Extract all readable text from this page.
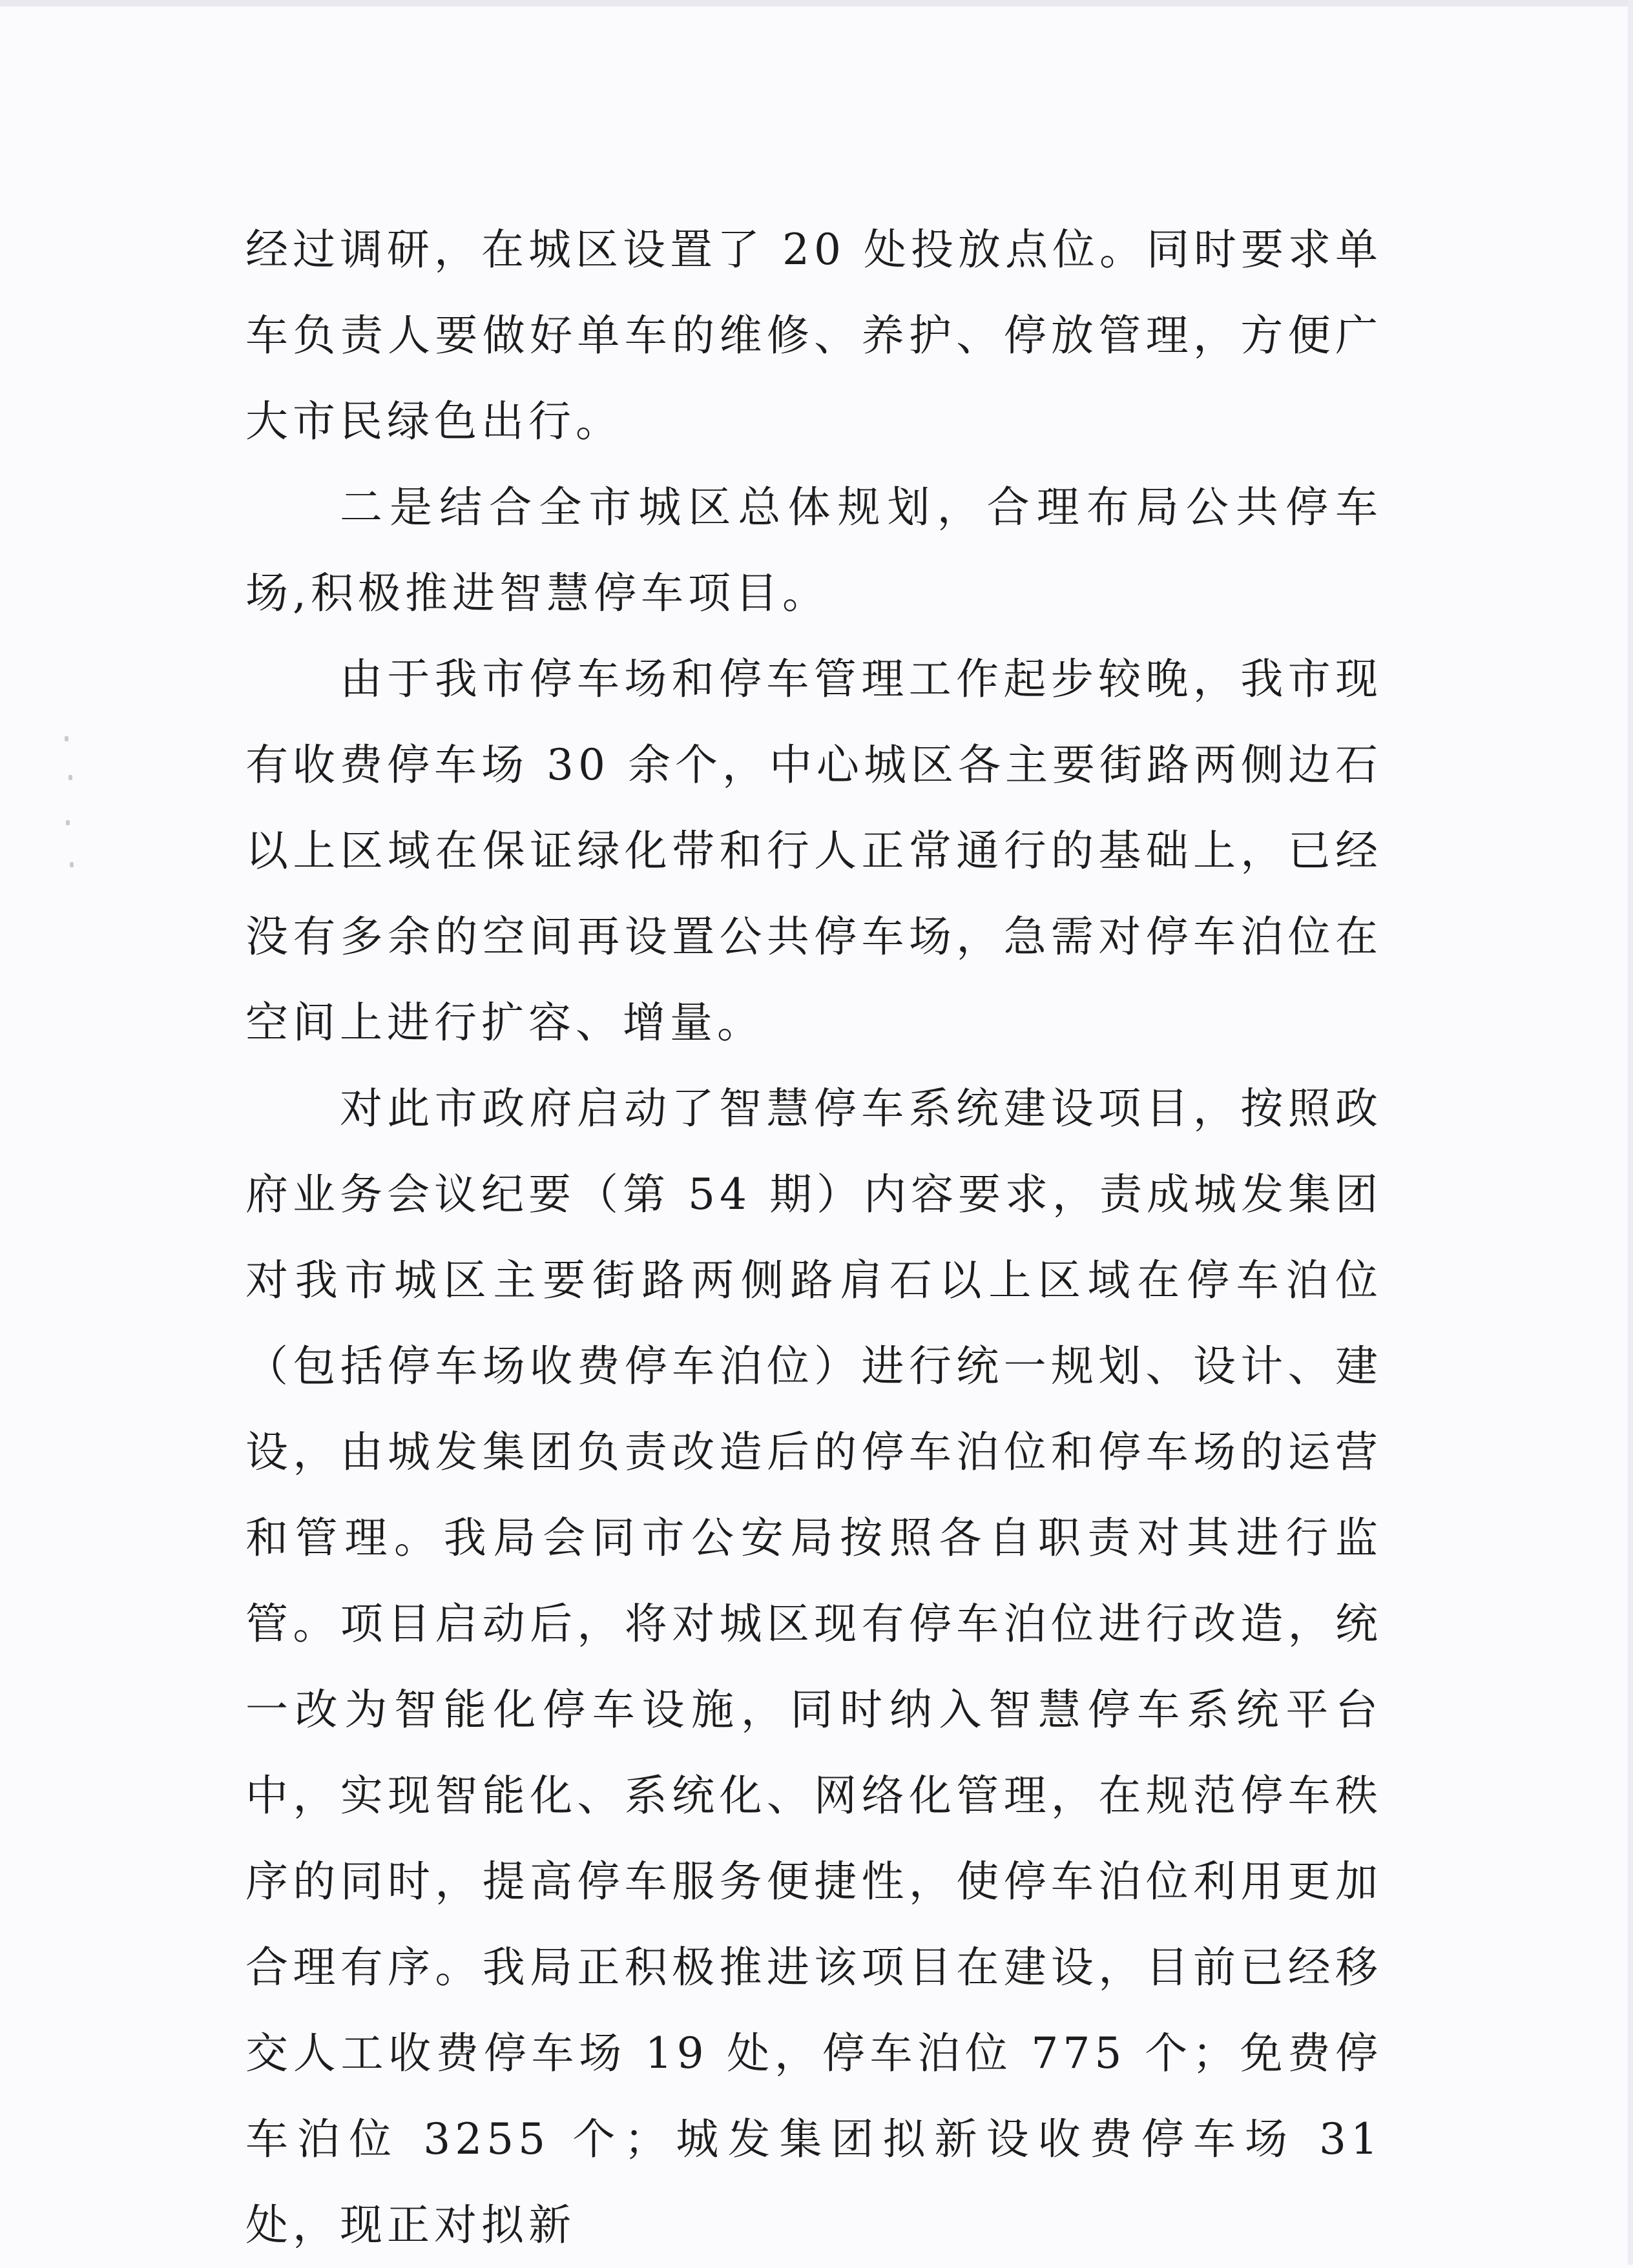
经过调研，在城区设置了 20 处投放点位。同时要求单车负责人要做好单车的维修、养护、停放管理，方便广大市民绿色出行。

二是结合全市城区总体规划，合理布局公共停车场,积极推进智慧停车项目。

由于我市停车场和停车管理工作起步较晚，我市现有收费停车场 30 余个，中心城区各主要街路两侧边石以上区域在保证绿化带和行人正常通行的基础上，已经没有多余的空间再设置公共停车场，急需对停车泊位在空间上进行扩容、增量。

对此市政府启动了智慧停车系统建设项目，按照政府业务会议纪要（第 54 期）内容要求，责成城发集团对我市城区主要街路两侧路肩石以上区域在停车泊位（包括停车场收费停车泊位）进行统一规划、设计、建设，由城发集团负责改造后的停车泊位和停车场的运营和管理。我局会同市公安局按照各自职责对其进行监管。项目启动后，将对城区现有停车泊位进行改造，统一改为智能化停车设施，同时纳入智慧停车系统平台中，实现智能化、系统化、网络化管理，在规范停车秩序的同时，提高停车服务便捷性，使停车泊位利用更加合理有序。我局正积极推进该项目在建设，目前已经移交人工收费停车场 19 处，停车泊位 775 个；免费停车泊位 3255 个；城发集团拟新设收费停车场 31 处，现正对拟新
